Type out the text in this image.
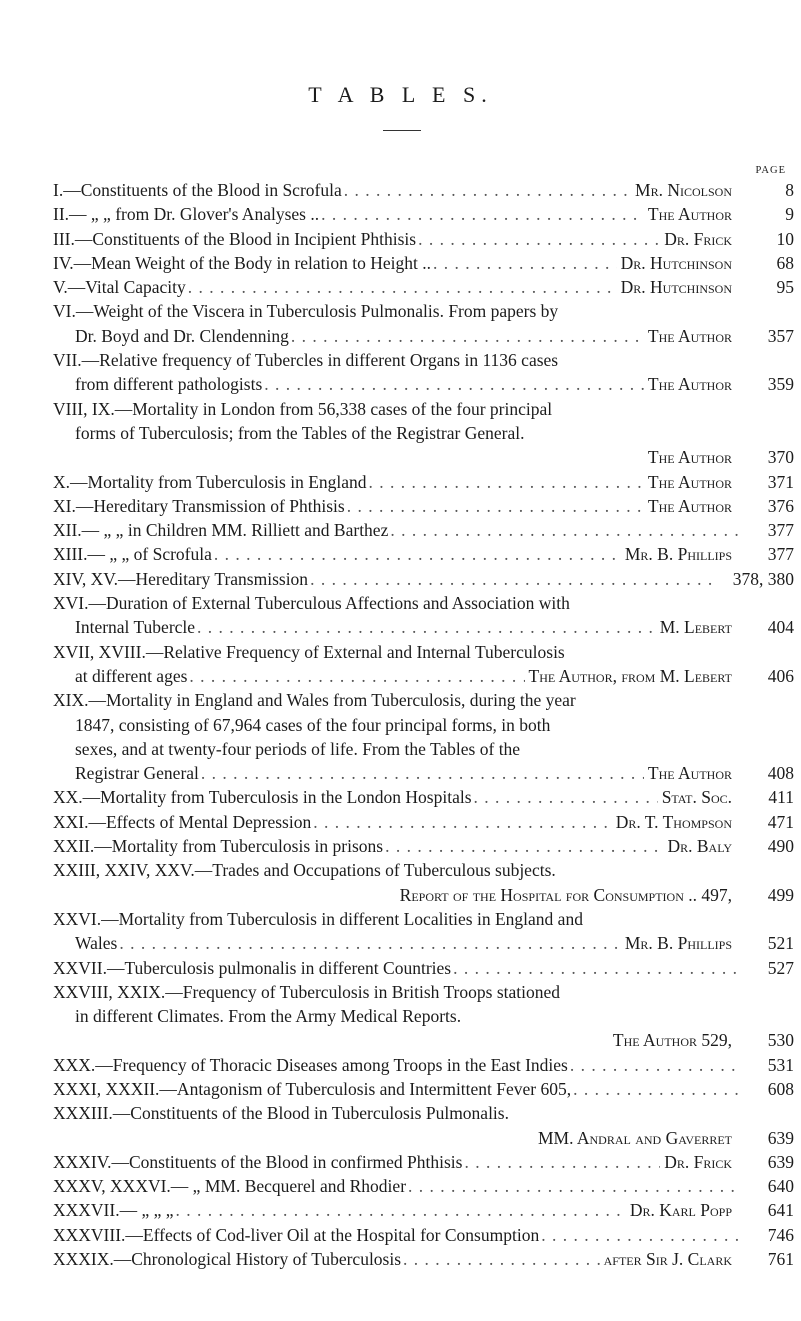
T A B L E S.
PAGE
I.—Constituents of the Blood in Scrofula . . .	Mr. Nicolson	8
II.— „ „ from Dr. Glover's Analyses .. . . .	The Author	9
III.—Constituents of the Blood in Incipient Phthisis . . .	Dr. Frick	10
IV.—Mean Weight of the Body in relation to Height .. . . .	Dr. Hutchinson	68
V.—Vital Capacity . . .	Dr. Hutchinson	95
VI.—Weight of the Viscera in Tuberculosis Pulmonalis. From papers by
Dr. Boyd and Dr. Clendenning . . .	The Author	357
VII.—Relative frequency of Tubercles in different Organs in 1136 cases
from different pathologists . . .	The Author	359
VIII, IX.—Mortality in London from 56,338 cases of the four principal
forms of Tuberculosis; from the Tables of the Registrar General.
The Author	370
X.—Mortality from Tuberculosis in England . . .	The Author	371
XI.—Hereditary Transmission of Phthisis . . .	The Author	376
XII.— „ „ in Children MM. Rilliett and Barthez . . .	377
XIII.— „ „ of Scrofula . . .	Mr. B. Phillips	377
XIV, XV.—Hereditary Transmission . . .	378, 380
XVI.—Duration of External Tuberculous Affections and Association with
Internal Tubercle . . .	M. Lebert	404
XVII, XVIII.—Relative Frequency of External and Internal Tuberculosis
at different ages . . .	The Author, from M. Lebert	406
XIX.—Mortality in England and Wales from Tuberculosis, during the year
1847, consisting of 67,964 cases of the four principal forms, in both
sexes, and at twenty-four periods of life. From the Tables of the
Registrar General . . .	The Author	408
XX.—Mortality from Tuberculosis in the London Hospitals . . .	Stat. Soc.	411
XXI.—Effects of Mental Depression . . .	Dr. T. Thompson	471
XXII.—Mortality from Tuberculosis in prisons . . .	Dr. Baly	490
XXIII, XXIV, XXV.—Trades and Occupations of Tuberculous subjects.
Report of the Hospital for Consumption .. 497,	499
XXVI.—Mortality from Tuberculosis in different Localities in England and
Wales . . .	Mr. B. Phillips	521
XXVII.—Tuberculosis pulmonalis in different Countries . . .	527
XXVIII, XXIX.—Frequency of Tuberculosis in British Troops stationed
in different Climates. From the Army Medical Reports.
The Author 529,	530
XXX.—Frequency of Thoracic Diseases among Troops in the East Indies . . .	531
XXXI, XXXII.—Antagonism of Tuberculosis and Intermittent Fever 605, . . .	608
XXXIII.—Constituents of the Blood in Tuberculosis Pulmonalis.
MM. Andral and Gaverret	639
XXXIV.—Constituents of the Blood in confirmed Phthisis . . .	Dr. Frick	639
XXXV, XXXVI.— „ MM. Becquerel and Rhodier . . .	640
XXXVII.— „ „ „ . . .	Dr. Karl Popp	641
XXXVIII.—Effects of Cod-liver Oil at the Hospital for Consumption . . .	746
XXXIX.—Chronological History of Tuberculosis . . .	after Sir J. Clark	761
